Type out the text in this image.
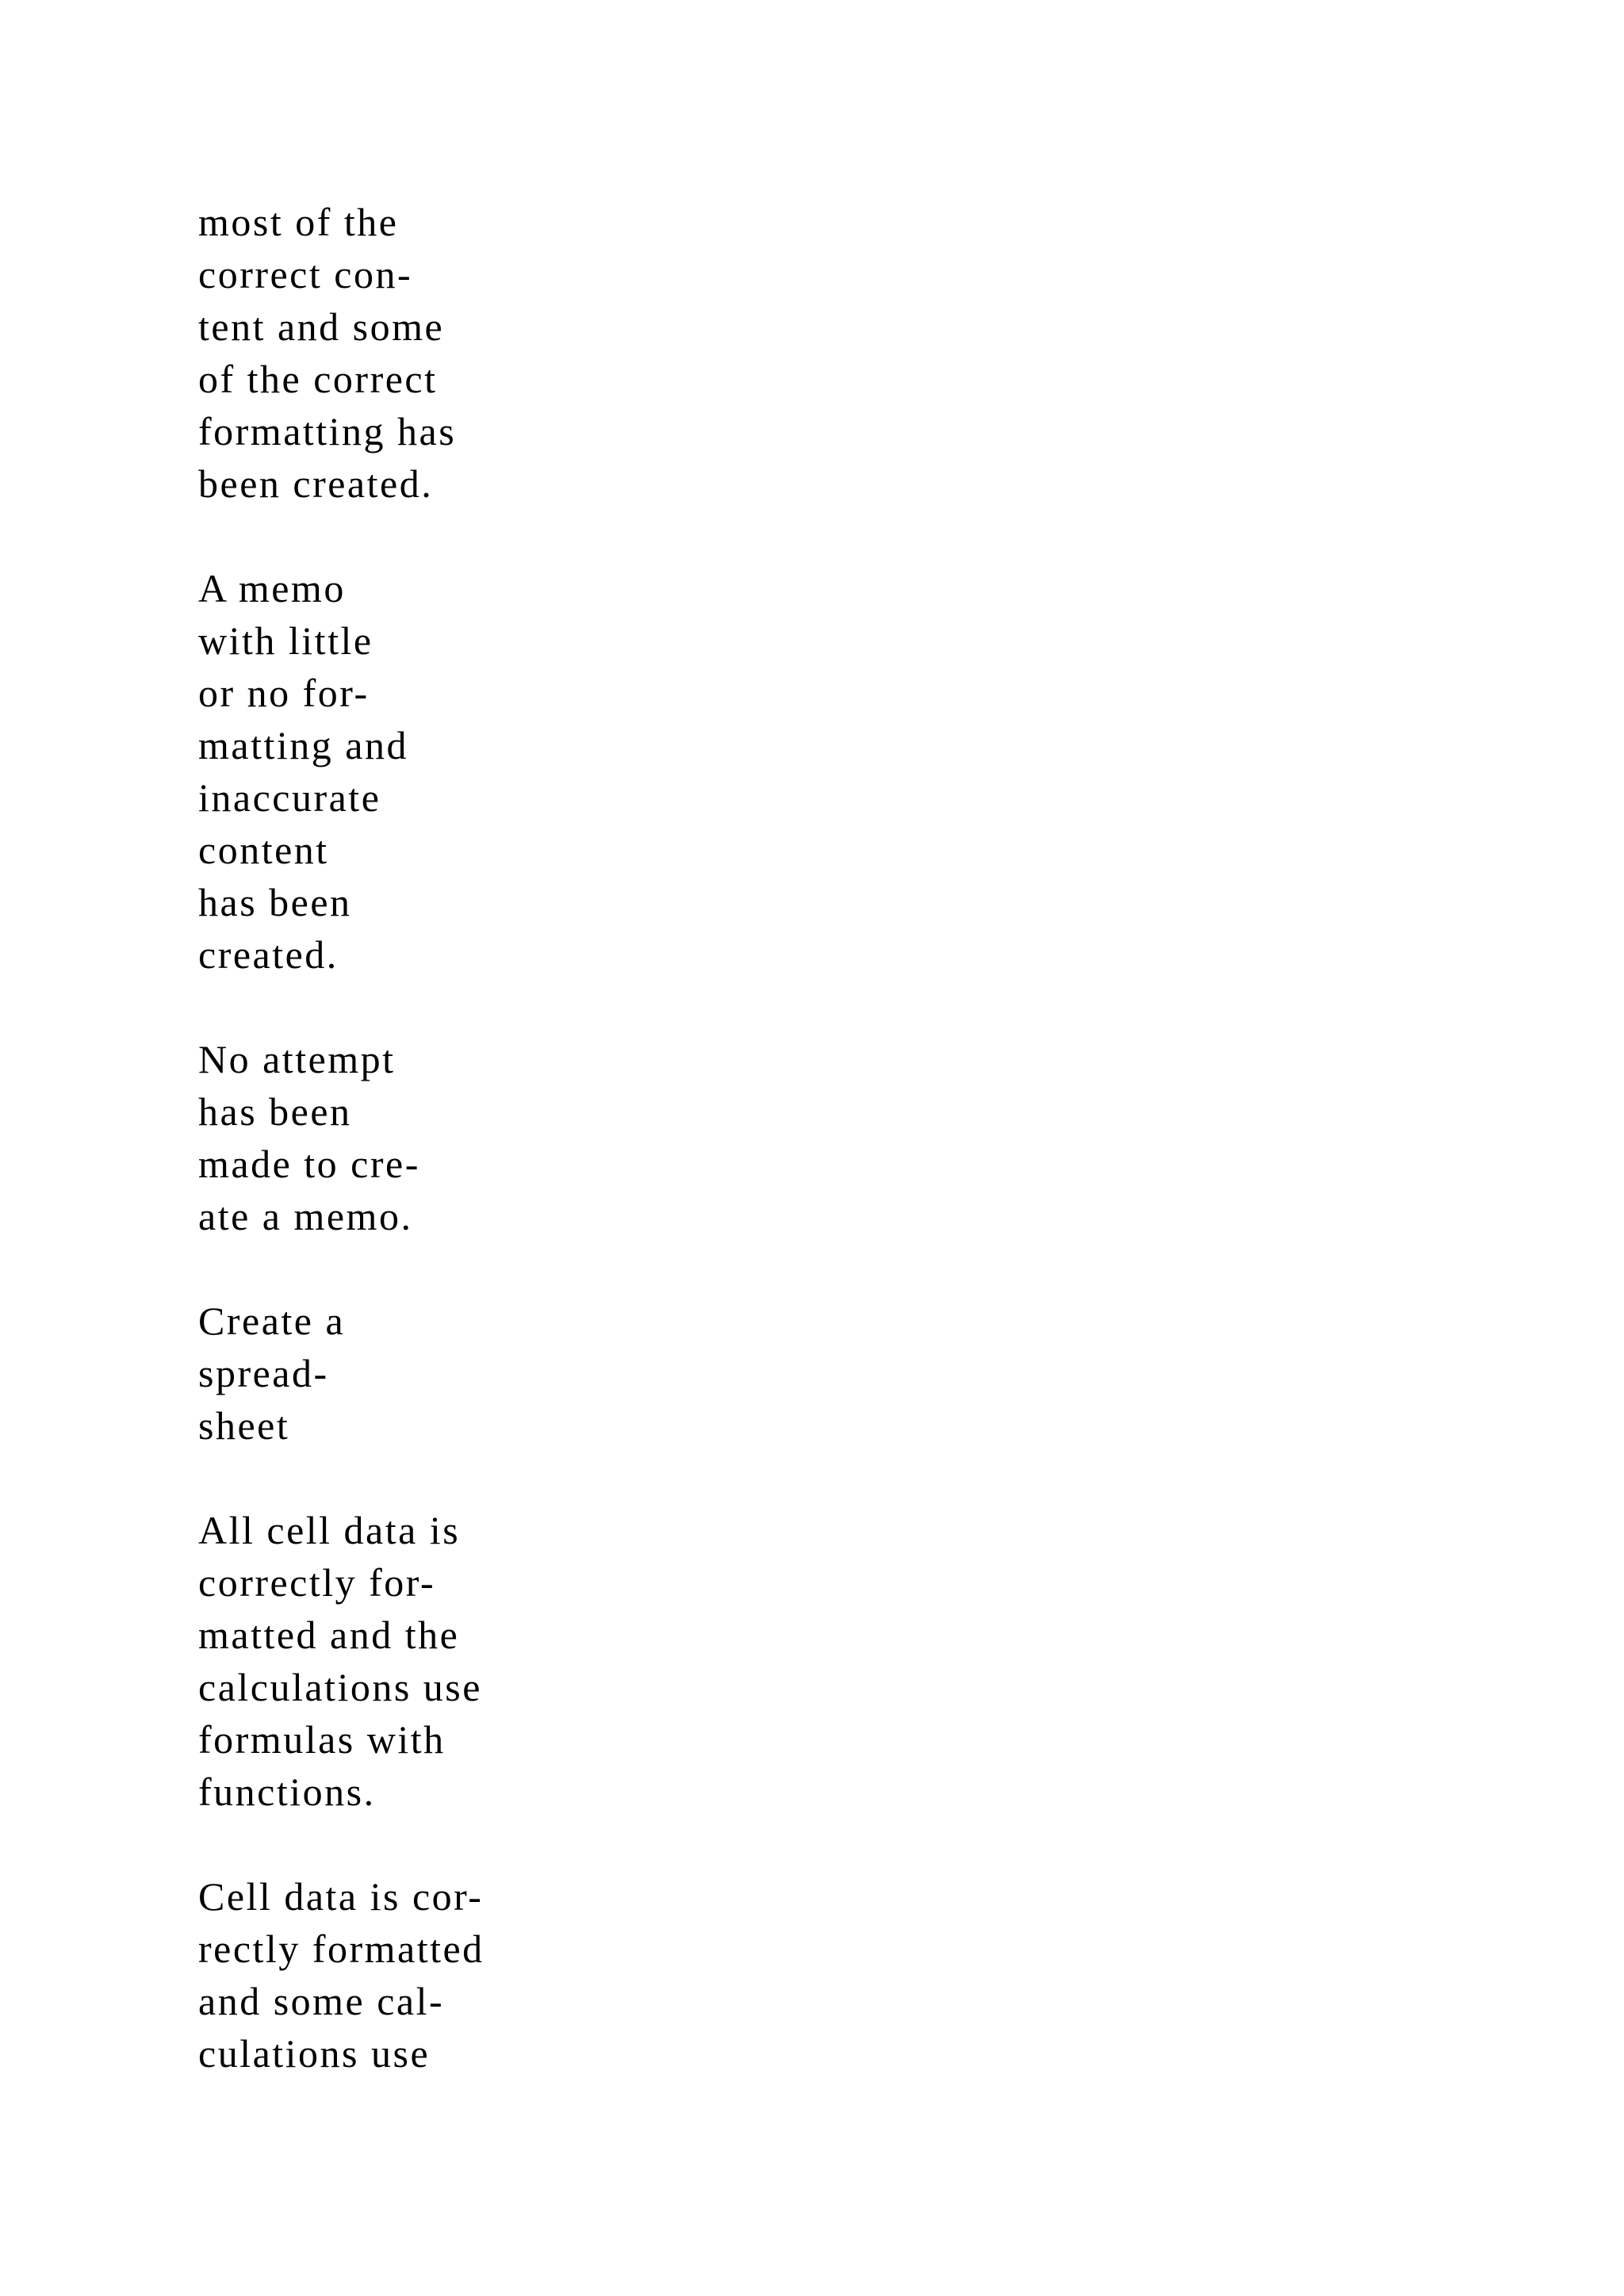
most of the
correct con-
tent and some
of the correct
formatting has
been created.

A memo
with little
or no for-
matting and
inaccurate
content
has been
created.

No attempt
has been
made to cre-
ate a memo.

Create a
spread-
sheet

All cell data is
correctly for-
matted and the
calculations use
formulas with
functions.

Cell data is cor-
rectly formatted
and some cal-
culations use
